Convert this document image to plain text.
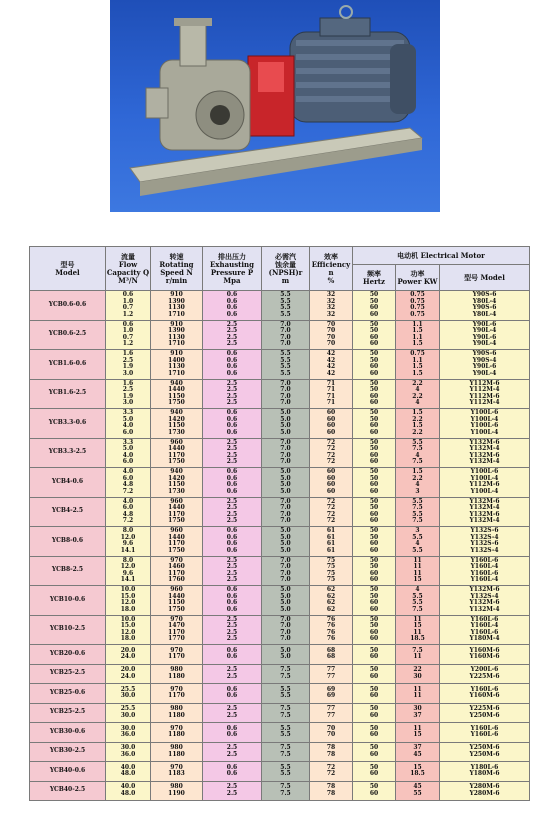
型号
Model	流量
Flow
Capacity Q
M³/N	转速
Rotating
Speed N
r/min	排出压力
Exhausting
Pressure P
Mpa	必需汽
蚀余量
(NPSH)r
m	效率
Efficiency
n
%	电动机 Electrical Motor		

						频率
Hertz	功率
Power KW	型号 Model
YCB0.6-0.6	0.6
1.0
0.7
1.2	910
1390
1130
1710	0.6
0.6
0.6
0.6	5.5
5.5
5.5
5.5	32
32
32
32	50
50
60
60	0.75
0.75
0.75
0.75	Y90S-6
Y80L-4
Y90S-6
Y80L-4

YCB0.6-2.5	0.6
1.0
0.7
1.2	910
1390
1130
1710	2.5
2.5
2.5
2.5	7.0
7.0
7.0
7.0	70
70
70
70	50
50
60
60	1.1
1.5
1.1
1.5	Y90L-6
Y90L-4
Y90L-6
Y90L-4

YCB1.6-0.6	1.6
2.5
1.9
3.0	910
1400
1130
1710	0.6
0.6
0.6
0.6	5.5
5.5
5.5
5.5	42
42
42
42	50
50
60
60	0.75
1.1
1.5
1.5	Y90S-6
Y90S-4
Y90L-6
Y90L-4

YCB1.6-2.5	1.6
2.5
1.9
3.0	940
1440
1150
1750	2.5
2.5
2.5
2.5	7.0
7.0
7.0
7.0	71
71
71
71	50
50
60
60	2.2
4
2.2
4	Y112M-6
Y112M-4
Y112M-6
Y112M-4

YCB3.3-0.6	3.3
5.0
4.0
6.0	940
1420
1150
1730	0.6
0.6
0.6
0.6	5.0
5.0
5.0
5.0	60
60
60
60	50
50
60
60	1.5
2.2
1.5
2.2	Y100L-6
Y100L-4
Y100L-6
Y100L-4

YCB3.3-2.5	3.3
5.0
4.0
6.0	960
1440
1170
1750	2.5
2.5
2.5
2.5	7.0
7.0
7.0
7.0	72
72
72
72	50
50
60
60	5.5
7.5
4
7.5	Y132M-6
Y132M-4
Y132M-6
Y132M-4

YCB4-0.6	4.0
6.0
4.8
7.2	940
1420
1150
1730	0.6
0.6
0.6
0.6	5.0
5.0
5.0
5.0	60
60
60
60	50
50
60
60	1.5
2.2
4
3	Y100L-6
Y100L-4
Y112M-6
Y100L-4

YCB4-2.5	4.0
6.0
4.8
7.2	960
1440
1170
1750	2.5
2.5
2.5
2.5	7.0
7.0
7.0
7.0	72
72
72
72	50
50
60
60	5.5
7.5
5.5
7.5	Y132M-6
Y132M-4
Y132M-6
Y132M-4

YCB8-0.6	8.0
12.0
9.6
14.1	960
1440
1170
1750	0.6
0.6
0.6
0.6	5.0
5.0
5.0
5.0	61
61
61
61	50
50
60
60	3
5.5
4
5.5	Y132S-6
Y132S-4
Y132S-6
Y132S-4

YCB8-2.5	8.0
12.0
9.6
14.1	970
1460
1170
1760	2.5
2.5
2.5
2.5	7.0
7.0
7.0
7.0	75
75
75
75	50
50
60
60	11
11
11
15	Y160L-6
Y160L-4
Y160L-6
Y160L-4

YCB10-0.6	10.0
15.0
12.0
18.0	960
1440
1150
1750	0.6
0.6
0.6
0.6	5.0
5.0
5.0
5.0	62
62
62
62	50
50
60
60	4
5.5
5.5
7.5	Y132M-6
Y132S-4
Y132M-6
Y132M-4

YCB10-2.5	10.0
15.0
12.0
18.0	970
1470
1170
1770	2.5
2.5
2.5
2.5	7.0
7.0
7.0
7.0	76
76
76
76	50
50
60
60	11
15
11
18.5	Y160L-6
Y160L-4
Y160L-6
Y180M-4

YCB20-0.6	20.0
24.0	970
1170	0.6
0.6	5.0
5.0	68
68	50
60	7.5
11	Y160M-6
Y160M-6

YCB25-2.5	20.0
24.0	980
1180	2.5
2.5	7.5
7.5	77
77	50
60	22
30	Y200L-6
Y225M-6

YCB25-0.6	25.5
30.0	970
1170	0.6
0.6	5.5
5.5	69
69	50
60	11
11	Y160L-6
Y160M-6

YCB25-2.5	25.5
30.0	980
1180	2.5
2.5	7.5
7.5	77
77	50
60	30
37	Y225M-6
Y250M-6

YCB30-0.6	30.0
36.0	970
1180	0.6
0.6	5.5
5.5	70
70	50
60	11
15	Y160L-6
Y160L-6

YCB30-2.5	30.0
36.0	980
1180	2.5
2.5	7.5
7.5	78
78	50
60	37
45	Y250M-6
Y250M-6

YCB40-0.6	40.0
48.0	970
1183	0.6
0.6	5.5
5.5	72
72	50
60	15
18.5	Y180L-6
Y180M-6

YCB40-2.5	40.0
48.0	980
1190	2.5
2.5	7.5
7.5	78
78	50
60	45
55	Y280M-6
Y280M-6
